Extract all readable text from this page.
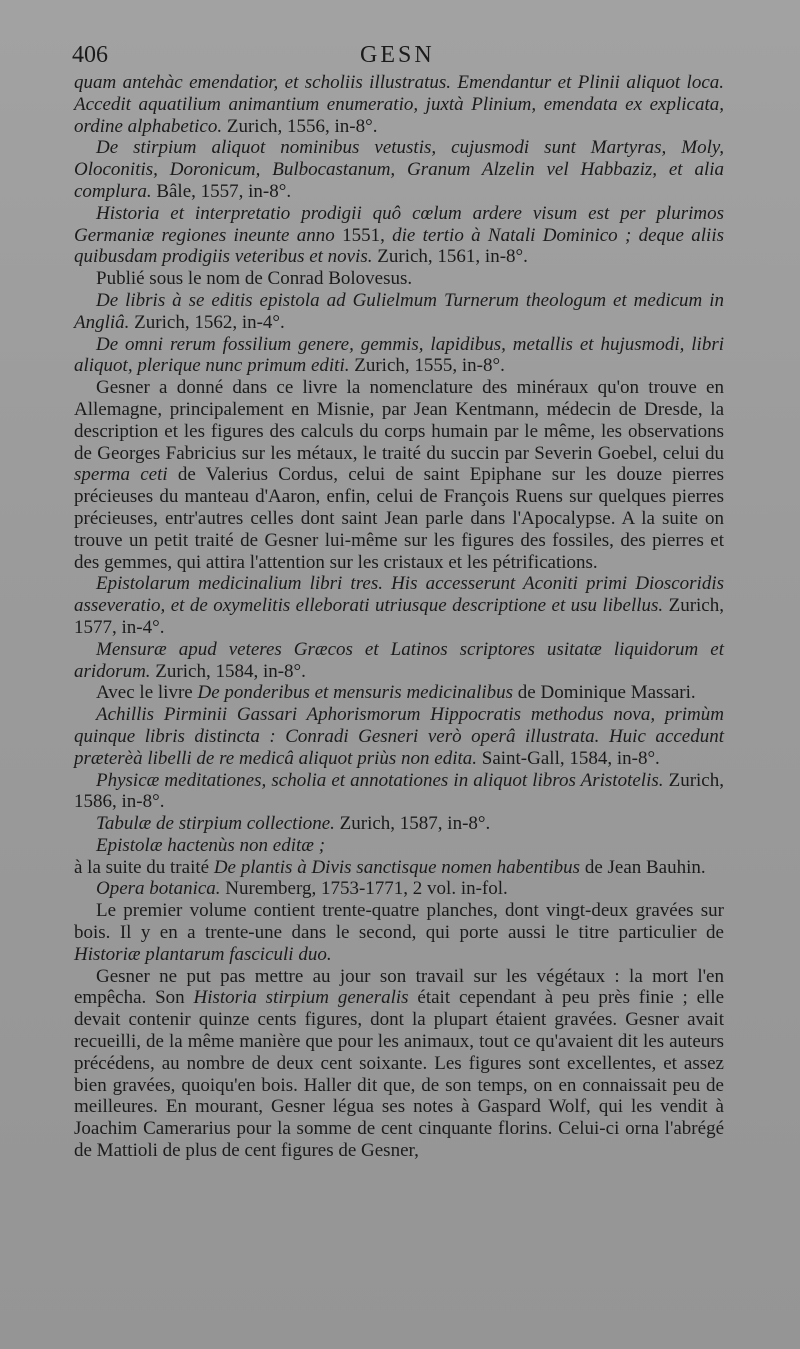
406	GESN

quam antehàc emendatior, et scholiis illustratus. Emendantur et Plinii aliquot loca. Accedit aquatilium animantium enumeratio, juxtà Plinium, emendata ex explicata, ordine alphabetico. Zurich, 1556, in-8°.

De stirpium aliquot nominibus vetustis, cujusmodi sunt Martyras, Moly, Oloconitis, Doronicum, Bulbocastanum, Granum Alzelin vel Habbaziz, et alia complura. Bâle, 1557, in-8°.

Historia et interpretatio prodigii quô cœlum ardere visum est per plurimos Germaniæ regiones ineunte anno 1551, die tertio à Natali Dominico ; deque aliis quibusdam prodigiis veteribus et novis. Zurich, 1561, in-8°.

Publié sous le nom de Conrad Bolovesus.

De libris à se editis epistola ad Gulielmum Turnerum theologum et medicum in Angliâ. Zurich, 1562, in-4°.

De omni rerum fossilium genere, gemmis, lapidibus, metallis et hujusmodi, libri aliquot, plerique nunc primum editi. Zurich, 1555, in-8°.

Gesner a donné dans ce livre la nomenclature des minéraux qu'on trouve en Allemagne, principalement en Misnie, par Jean Kentmann, médecin de Dresde, la description et les figures des calculs du corps humain par le même, les observations de Georges Fabricius sur les métaux, le traité du succin par Severin Goebel, celui du sperma ceti de Valerius Cordus, celui de saint Epiphane sur les douze pierres précieuses du manteau d'Aaron, enfin, celui de François Ruens sur quelques pierres précieuses, entr'autres celles dont saint Jean parle dans l'Apocalypse. A la suite on trouve un petit traité de Gesner lui-même sur les figures des fossiles, des pierres et des gemmes, qui attira l'attention sur les cristaux et les pétrifications.

Epistolarum medicinalium libri tres. His accesserunt Aconiti primi Dioscoridis asseveratio, et de oxymelitis elleborati utriusque descriptione et usu libellus. Zurich, 1577, in-4°.

Mensuræ apud veteres Græcos et Latinos scriptores usitatæ liquidorum et aridorum. Zurich, 1584, in-8°.

Avec le livre De ponderibus et mensuris medicinalibus de Dominique Massari.

Achillis Pirminii Gassari Aphorismorum Hippocratis methodus nova, primùm quinque libris distincta : Conradi Gesneri verò operâ illustrata. Huic accedunt præterèà libelli de re medicâ aliquot priùs non edita. Saint-Gall, 1584, in-8°.

Physicæ meditationes, scholia et annotationes in aliquot libros Aristotelis. Zurich, 1586, in-8°.

Tabulæ de stirpium collectione. Zurich, 1587, in-8°.

Epistolæ hactenùs non editæ ;

à la suite du traité De plantis à Divis sanctisque nomen habentibus de Jean Bauhin.

Opera botanica. Nuremberg, 1753-1771, 2 vol. in-fol.

Le premier volume contient trente-quatre planches, dont vingt-deux gravées sur bois. Il y en a trente-une dans le second, qui porte aussi le titre particulier de Historiæ plantarum fasciculi duo.

Gesner ne put pas mettre au jour son travail sur les végétaux : la mort l'en empêcha. Son Historia stirpium generalis était cependant à peu près finie ; elle devait contenir quinze cents figures, dont la plupart étaient gravées. Gesner avait recueilli, de la même manière que pour les animaux, tout ce qu'avaient dit les auteurs précédens, au nombre de deux cent soixante. Les figures sont excellentes, et assez bien gravées, quoiqu'en bois. Haller dit que, de son temps, on en connaissait peu de meilleures. En mourant, Gesner légua ses notes à Gaspard Wolf, qui les vendit à Joachim Camerarius pour la somme de cent cinquante florins. Celui-ci orna l'abrégé de Mattioli de plus de cent figures de Gesner,
